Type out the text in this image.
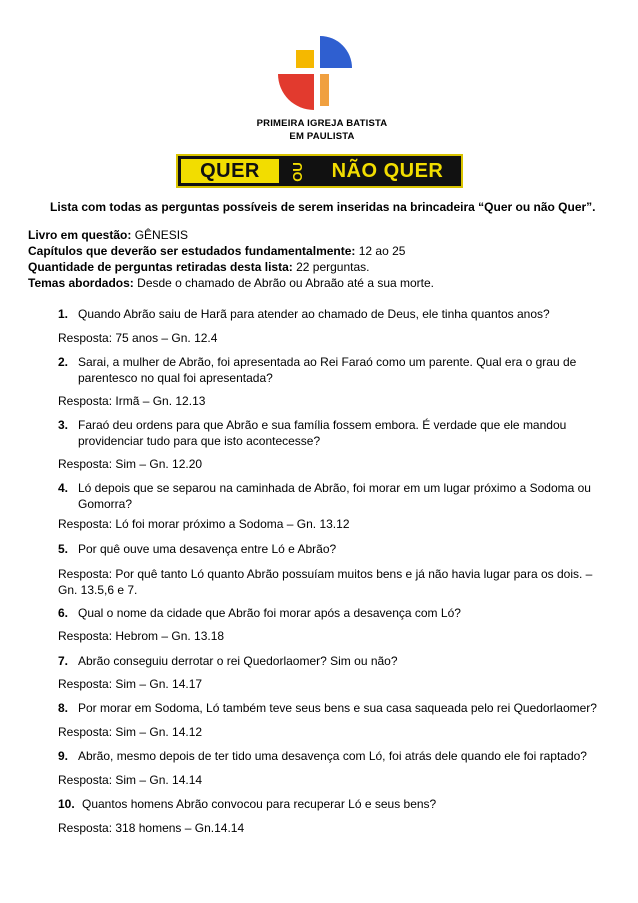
PRIMEIRA IGREJA BATISTA
EM PAULISTA
QUER	OU	NÃO QUER
Lista com todas as perguntas possíveis de serem inseridas na brincadeira “Quer ou não Quer”.
Livro em questão: GÊNESIS
Capítulos que deverão ser estudados fundamentalmente: 12 ao 25
Quantidade de perguntas retiradas desta lista: 22 perguntas.
Temas abordados: Desde o chamado de Abrão ou Abraão até a sua morte.
1. Quando Abrão saiu de Harã para atender ao chamado de Deus, ele tinha quantos anos?
Resposta: 75 anos – Gn. 12.4
2. Sarai, a mulher de Abrão, foi apresentada ao Rei Faraó como um parente. Qual era o grau de parentesco no qual foi apresentada?
Resposta: Irmã – Gn. 12.13
3. Faraó deu ordens para que Abrão e sua família fossem embora. É verdade que ele mandou providenciar tudo para que isto acontecesse?
Resposta: Sim – Gn. 12.20
4. Ló depois que se separou na caminhada de Abrão, foi morar em um lugar próximo a Sodoma ou Gomorra?
Resposta: Ló foi morar próximo a Sodoma – Gn. 13.12
5. Por quê ouve uma desavença entre Ló e Abrão?
Resposta: Por quê tanto Ló quanto Abrão possuíam muitos bens e já não havia lugar para os dois. – Gn. 13.5,6 e 7.
6. Qual o nome da cidade que Abrão foi morar após a desavença com Ló?
Resposta: Hebrom – Gn. 13.18
7. Abrão conseguiu derrotar o rei Quedorlaomer? Sim ou não?
Resposta: Sim – Gn. 14.17
8. Por morar em Sodoma, Ló também teve seus bens e sua casa saqueada pelo rei Quedorlaomer?
Resposta: Sim – Gn. 14.12
9. Abrão, mesmo depois de ter tido uma desavença com Ló, foi atrás dele quando ele foi raptado?
Resposta: Sim – Gn. 14.14
10. Quantos homens Abrão convocou para recuperar Ló e seus bens?
Resposta: 318 homens – Gn.14.14
